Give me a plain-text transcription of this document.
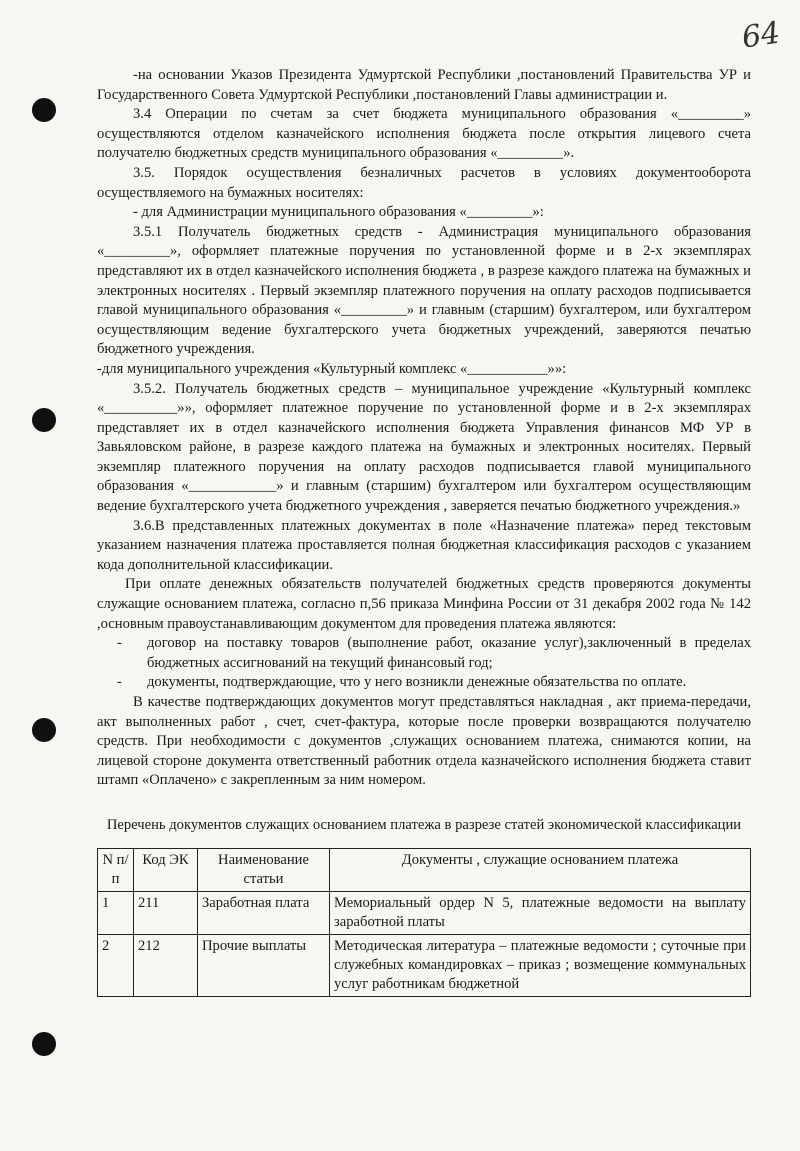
64

-на основании Указов Президента Удмуртской Республики ,постановлений Правительства УР и Государственного Совета Удмуртской Республики ,постановлений Главы администрации и.

3.4 Операции по счетам за счет бюджета муниципального образования «_________» осуществляются отделом казначейского исполнения бюджета после открытия лицевого счета получателю бюджетных средств муниципального образования «_________».

3.5. Порядок осуществления безналичных расчетов в условиях документооборота осуществляемого на бумажных носителях:

- для Администрации муниципального образования «_________»:

3.5.1 Получатель бюджетных средств - Администрация муниципального образования «_________», оформляет платежные поручения по установленной форме и в 2-х экземплярах представляют их в отдел казначейского исполнения бюджета , в разрезе каждого платежа на бумажных и электронных носителях . Первый экземпляр платежного поручения на оплату расходов подписывается главой муниципального образования «_________» и главным (старшим) бухгалтером, или бухгалтером осуществляющим ведение бухгалтерского учета бюджетных учреждений, заверяются печатью бюджетного учреждения.

-для муниципального учреждения «Культурный комплекс «___________»»:

3.5.2. Получатель бюджетных средств – муниципальное учреждение «Культурный комплекс «__________»», оформляет платежное поручение по установленной форме и в 2-х экземплярах представляет их в отдел казначейского исполнения бюджета Управления финансов МФ УР в Завьяловском районе, в разрезе каждого платежа на бумажных и электронных носителях. Первый экземпляр платежного поручения на оплату расходов подписывается главой муниципального образования «____________» и главным (старшим) бухгалтером или бухгалтером осуществляющим ведение бухгалтерского учета бюджетного учреждения , заверяется печатью бюджетного учреждения.»

3.6.В представленных платежных документах в поле «Назначение платежа» перед текстовым указанием назначения платежа проставляется полная бюджетная классификация расходов с указанием кода дополнительной классификации.

При оплате денежных обязательств получателей бюджетных средств проверяются документы служащие основанием платежа, согласно п,56 приказа Минфина России от 31 декабря 2002 года № 142 ,основным правоустанавливающим документом для проведения платежа являются:

-	договор на поставку товаров (выполнение работ, оказание услуг),заключенный в пределах бюджетных ассигнований на текущий финансовый год;
-	документы, подтверждающие, что у него возникли денежные обязательства по оплате.

В качестве подтверждающих документов могут представляться накладная , акт приема-передачи, акт выполненных работ , счет, счет-фактура, которые после проверки возвращаются получателю средств. При необходимости с документов ,служащих основанием платежа, снимаются копии, на лицевой стороне документа ответственный работник отдела казначейского исполнения бюджета ставит штамп «Оплачено» с закрепленным за ним номером.

Перечень документов служащих основанием платежа в разрезе статей экономической классификации
N п/п	Код ЭК	Наименование статьи	Документы , служащие основанием платежа
1	211	Заработная плата	Мемориальный ордер N 5, платежные ведомости на выплату заработной платы
2	212	Прочие выплаты	Методическая литература – платежные ведомости ; суточные при служебных командировках – приказ ; возмещение коммунальных услуг работникам бюджетной
